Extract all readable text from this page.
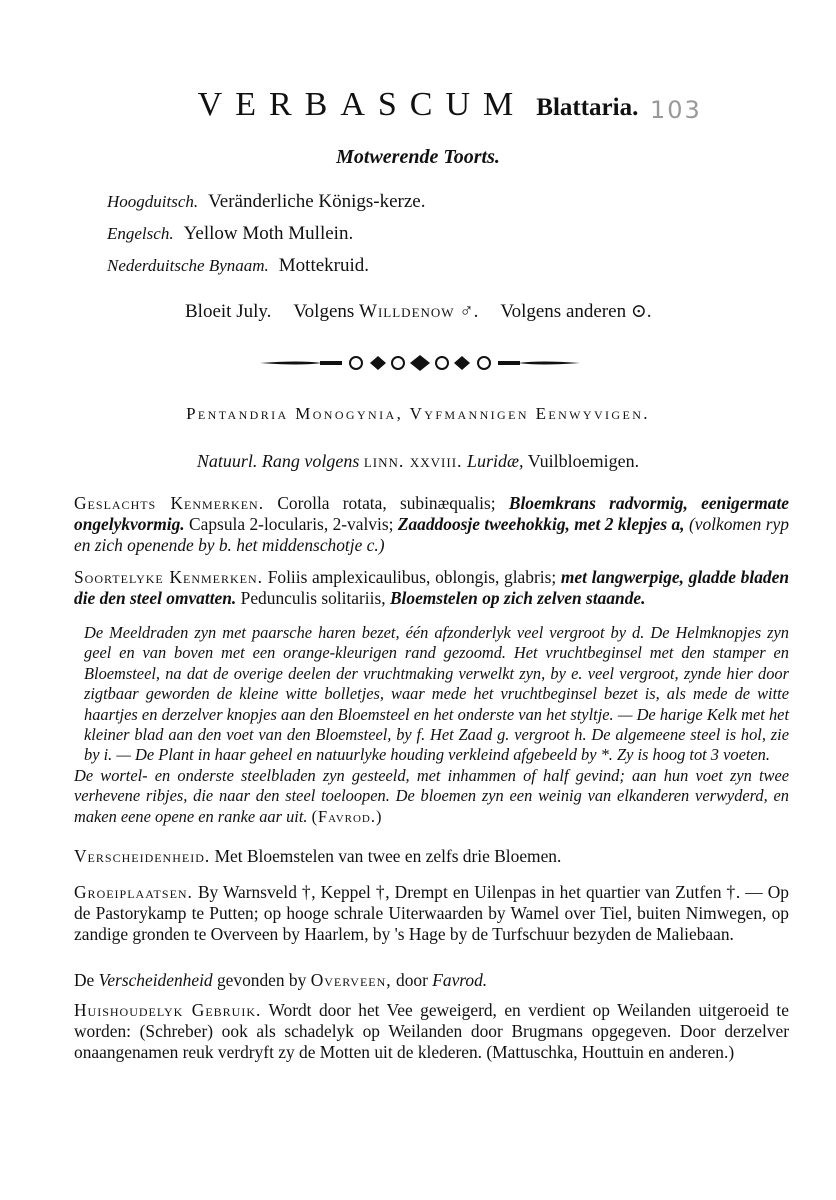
VERBASCUM Blattaria. 103
Motwerende Toorts.
Hoogduitsch. Veränderliche Königs-kerze.
Engelsch. Yellow Moth Mullein.
Nederduitsche Bynaam. Mottekruid.
Bloeit July. Volgens Willdenow ♂. Volgens anderen ⊙.
Pentandria Monogynia, Vyfmannigen Eenwyvigen.
Natuurl. Rang volgens linn. xxviii. Luridæ, Vuilbloemigen.
Geslachts Kenmerken. Corolla rotata, subinæqualis; Bloemkrans radvormig, eenigermate ongelykvormig. Capsula 2-locularis, 2-valvis; Zaaddoosje tweehokkig, met 2 klepjes a, (volkomen ryp en zich openende by b. het middenschotje c.)
Soortelyke Kenmerken. Foliis amplexicaulibus, oblongis, glabris; met langwerpige, gladde bladen die den steel omvatten. Pedunculis solitariis, Bloemstelen op zich zelven staande.
De Meeldraden zyn met paarsche haren bezet, één afzonderlyk veel vergroot by d. De Helmknopjes zyn geel en van boven met een orange-kleurigen rand gezoomd. Het vruchtbeginsel met den stamper en Bloemsteel, na dat de overige deelen der vruchtmaking verwelkt zyn, by e. veel vergroot, zynde hier door zigtbaar geworden de kleine witte bolletjes, waar mede het vruchtbeginsel bezet is, als mede de witte haartjes en derzelver knopjes aan den Bloemsteel en het onderste van het styltje. — De harige Kelk met het kleiner blad aan den voet van den Bloemsteel, by f. Het Zaad g. vergroot h. De algemeene steel is hol, zie by i. — De Plant in haar geheel en natuurlyke houding verkleind afgebeeld by *. Zy is hoog tot 3 voeten.
De wortel- en onderste steelbladen zyn gesteeld, met inhammen of half gevind; aan hun voet zyn twee verhevene ribjes, die naar den steel toeloopen. De bloemen zyn een weinig van elkanderen verwyderd, en maken eene opene en ranke aar uit. (Favrod.)
Verscheidenheid. Met Bloemstelen van twee en zelfs drie Bloemen.
Groeiplaatsen. By Warnsveld †, Keppel †, Drempt en Uilenpas in het quartier van Zutfen †. — Op de Pastorykamp te Putten; op hooge schrale Uiterwaarden by Wamel over Tiel, buiten Nimwegen, op zandige gronden te Overveen by Haarlem, by 's Hage by de Turfschuur bezyden de Maliebaan.
De Verscheidenheid gevonden by Overveen, door Favrod.
Huishoudelyk Gebruik. Wordt door het Vee geweigerd, en verdient op Weilanden uitgeroeid te worden: (Schreber) ook als schadelyk op Weilanden door Brugmans opgegeven. Door derzelver onaangenamen reuk verdryft zy de Motten uit de klederen. (Mattuschka, Houttuin en anderen.)
